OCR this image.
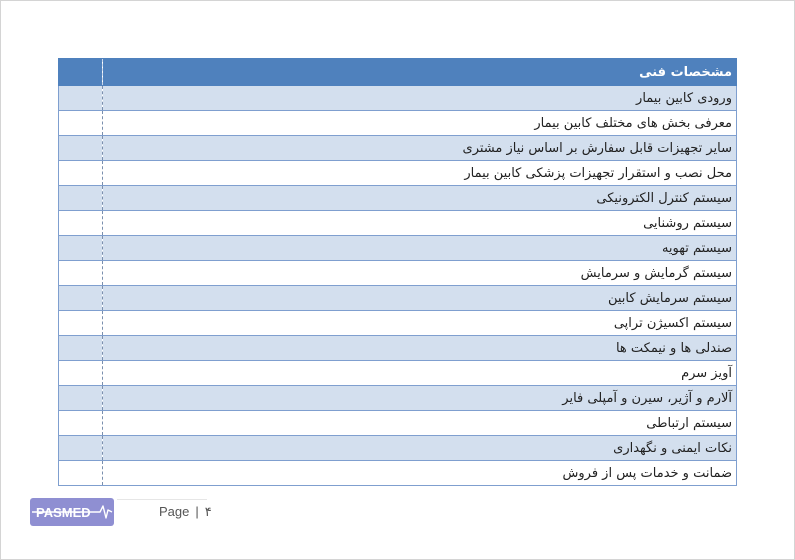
مشخصات فنی	
ورودی کابین بیمار	
معرفی بخش های مختلف کابین بیمار	
سایر تجهیزات قابل سفارش بر اساس نیاز مشتری	
محل نصب و استقرار تجهیزات پزشکی کابین بیمار	
سیستم کنترل الکترونیکی	
سیستم روشنایی	
سیستم تهویه	
سیستم گرمایش و سرمایش	
سیستم سرمایش کابین	
سیستم اکسیژن تراپی	
صندلی ها و نیمکت ها	
آویز سرم	
آلارم و آژیر، سیرن و آمپلی فایر	
سیستم ارتباطی	
نکات ایمنی و نگهداری	
ضمانت و خدمات پس از فروش	
PASMED	Page | ۴
